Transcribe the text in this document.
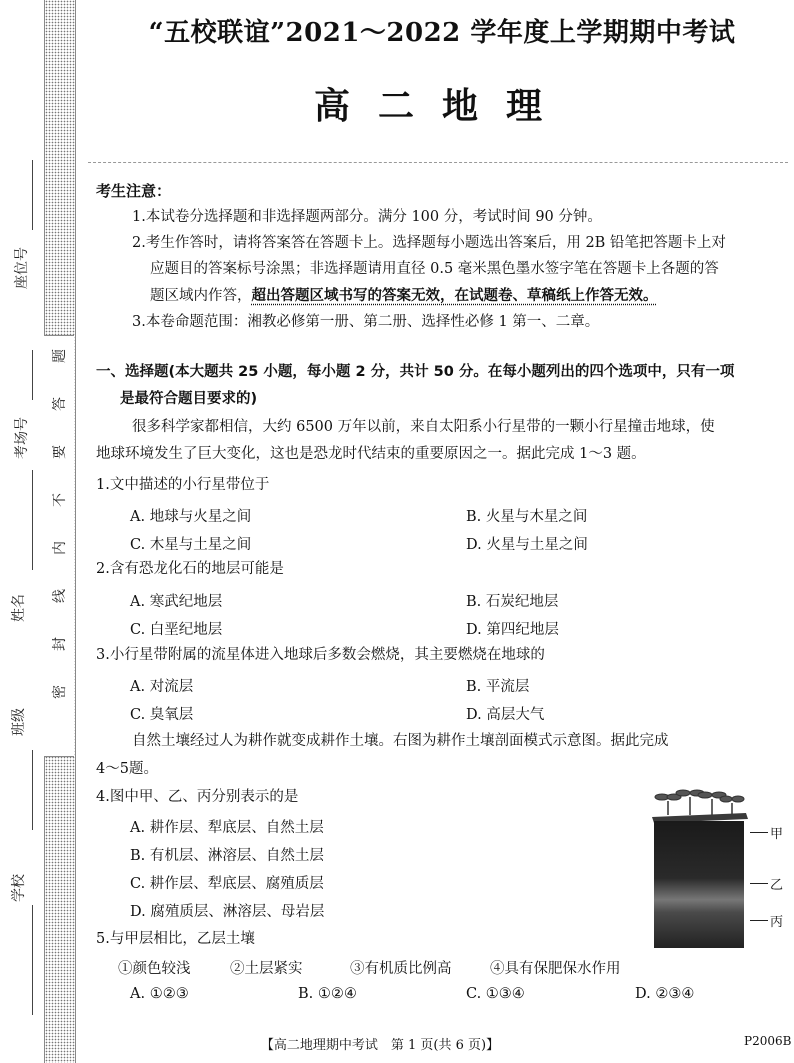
题
答
要
不
内
线
封
密
座位号
考场号
姓名
班级
学校
“五校联谊”2021～2022 学年度上学期期中考试
高二地理
考生注意：
1.本试卷分选择题和非选择题两部分。满分 100 分，考试时间 90 分钟。
2.考生作答时，请将答案答在答题卡上。选择题每小题选出答案后，用 2B 铅笔把答题卡上对
应题目的答案标号涂黑；非选择题请用直径 0.5 毫米黑色墨水签字笔在答题卡上各题的答
题区域内作答，超出答题区域书写的答案无效，在试题卷、草稿纸上作答无效。
3.本卷命题范围：湘教必修第一册、第二册、选择性必修 1 第一、二章。
一、选择题(本大题共 25 小题，每小题 2 分，共计 50 分。在每小题列出的四个选项中，只有一项
是最符合题目要求的)
很多科学家都相信，大约 6500 万年以前，来自太阳系小行星带的一颗小行星撞击地球，使
地球环境发生了巨大变化，这也是恐龙时代结束的重要原因之一。据此完成 1～3 题。
1.文中描述的小行星带位于
A. 地球与火星之间	B. 火星与木星之间
C. 木星与土星之间	D. 火星与土星之间
2.含有恐龙化石的地层可能是
A. 寒武纪地层	B. 石炭纪地层
C. 白垩纪地层	D. 第四纪地层
3.小行星带附属的流星体进入地球后多数会燃烧，其主要燃烧在地球的
A. 对流层	B. 平流层
C. 臭氧层	D. 高层大气
自然土壤经过人为耕作就变成耕作土壤。右图为耕作土壤剖面模式示意图。据此完成
4～5题。
4.图中甲、乙、丙分别表示的是
A. 耕作层、犁底层、自然土层
B. 有机层、淋溶层、自然土层
C. 耕作层、犁底层、腐殖质层
D. 腐殖质层、淋溶层、母岩层
甲
乙
丙
5.与甲层相比，乙层土壤
①颜色较浅	②土层紧实	③有机质比例高	④具有保肥保水作用
A. ①②③	B. ①②④	C. ①③④	D. ②③④
【高二地理期中考试　第 1 页(共 6 页)】	P2006B
